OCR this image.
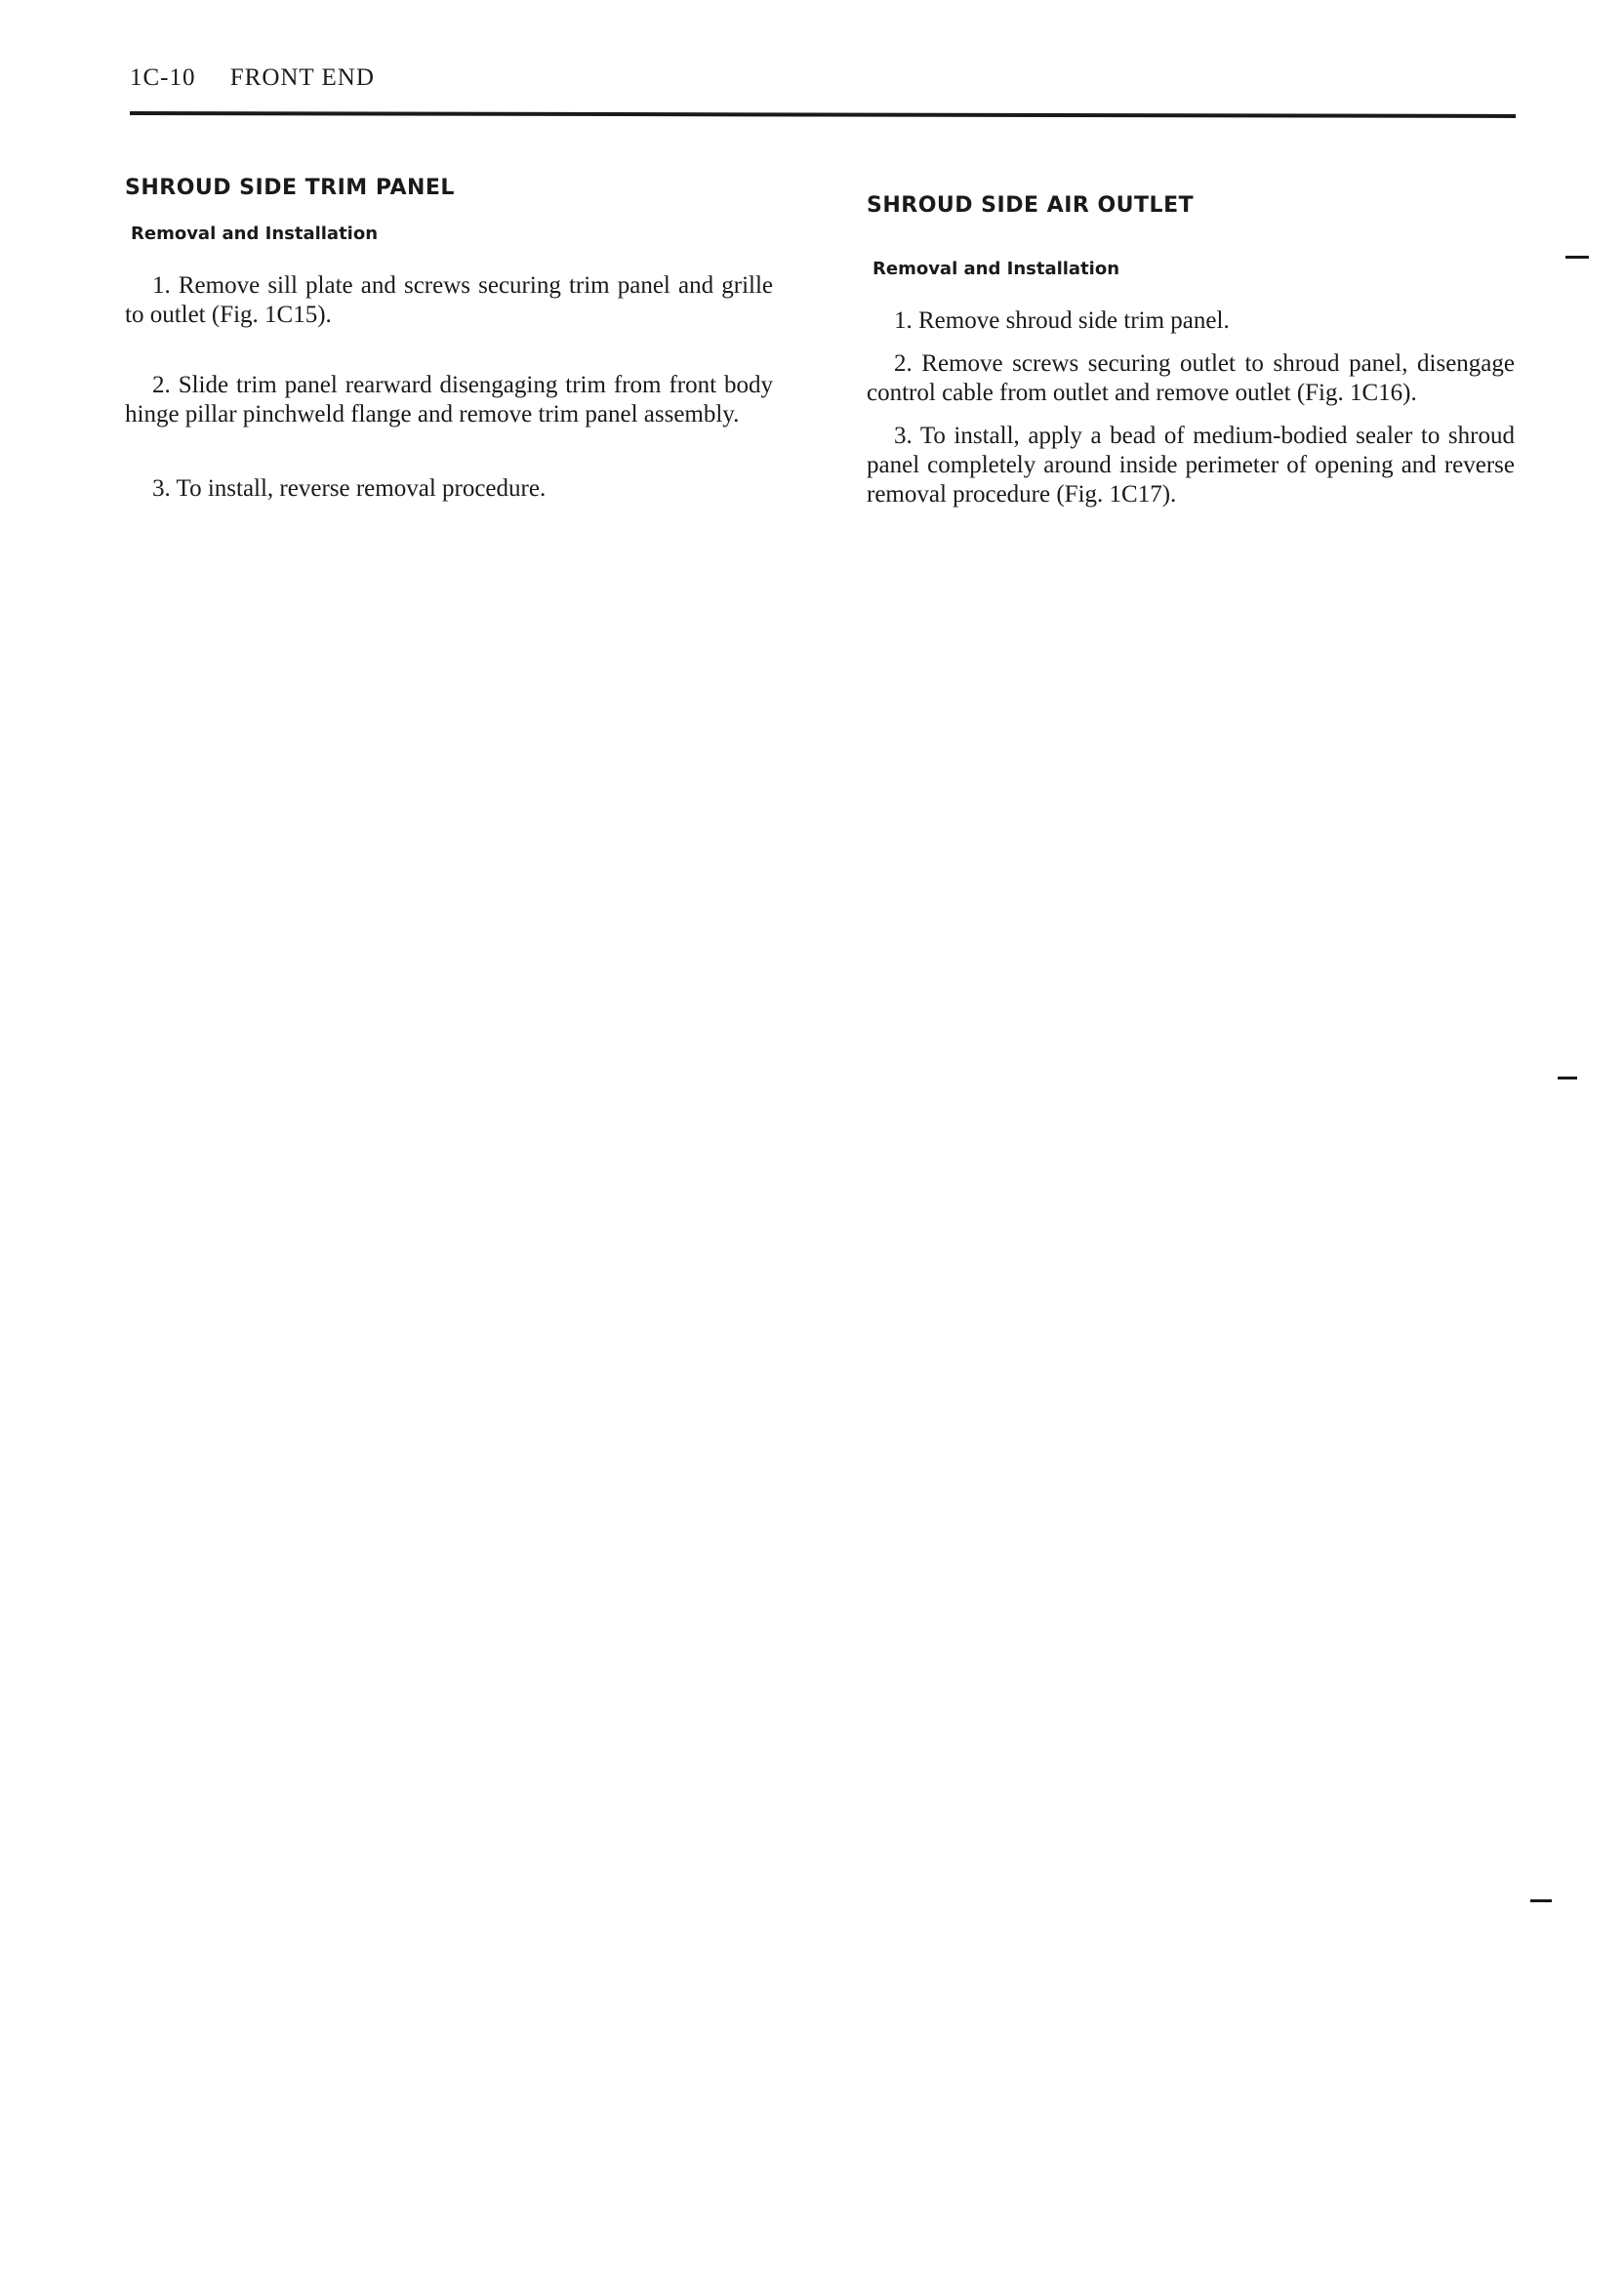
1C-10 FRONT END
SHROUD SIDE TRIM PANEL
Removal and Installation

1. Remove sill plate and screws securing trim panel and grille to outlet (Fig. 1C15).

2. Slide trim panel rearward disengaging trim from front body hinge pillar pinchweld flange and remove trim panel assembly.

3. To install, reverse removal procedure.

SHROUD SIDE AIR OUTLET
Removal and Installation

1. Remove shroud side trim panel.

2. Remove screws securing outlet to shroud panel, disengage control cable from outlet and remove outlet (Fig. 1C16).

3. To install, apply a bead of medium-bodied sealer to shroud panel completely around inside perimeter of opening and reverse removal procedure (Fig. 1C17).
